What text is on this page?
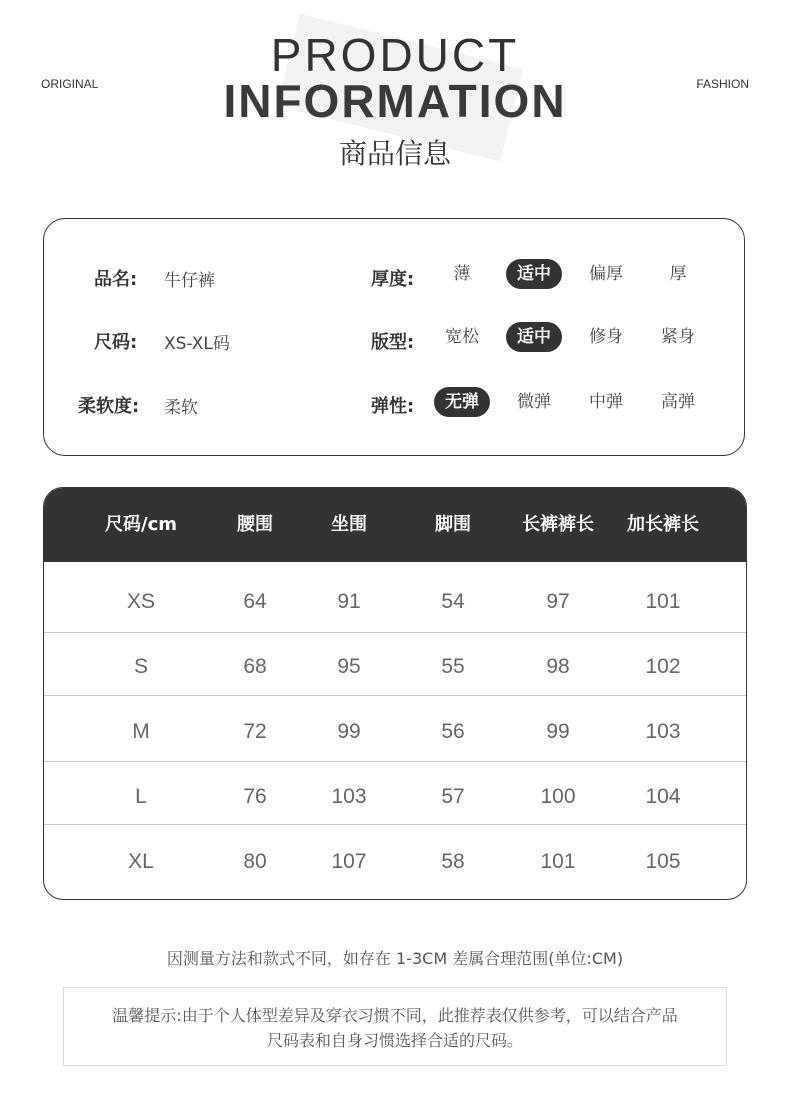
ORIGINAL	FASHION
PRODUCT
INFORMATION
商品信息
品名: 牛仔裤
尺码: XS-XL码
柔软度: 柔软
厚度:	薄	适中	偏厚	厚
版型:	宽松	适中	修身	紧身
弹性:	无弹	微弹	中弹	高弹
尺码/cm	腰围	坐围	脚围	长裤裤长	加长裤长
XS	64	91	54	97	101
S	68	95	55	98	102
M	72	99	56	99	103
L	76	103	57	100	104
XL	80	107	58	101	105
因测量方法和款式不同，如存在 1-3CM 差属合理范围(单位:CM)
温馨提示:由于个人体型差异及穿衣习惯不同，此推荐表仅供参考，可以结合产品
尺码表和自身习惯选择合适的尺码。
